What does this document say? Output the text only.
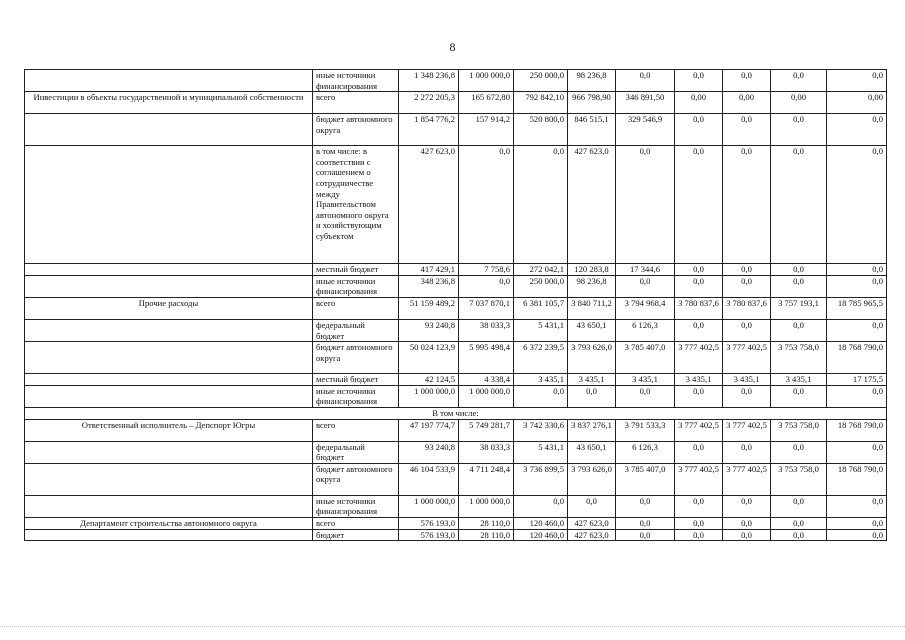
8
	иные источники финансирования	1 348 236,8	1 000 000,0	250 000,0	98 236,8	0,0	0,0	0,0	0,0	0,0
Инвестиции в объекты государственной и муниципальной собственности	всего	2 272 205,3	165 672,80	792 842,10	966 798,90	346 891,50	0,00	0,00	0,00	0,00
	бюджет автономного округа	1 854 776,2	157 914,2	520 800,0	846 515,1	329 546,9	0,0	0,0	0,0	0,0
	в том числе: в соответствии с соглашением о сотрудничестве между Правительством автономного округа и хозяйствующим субъектом	427 623,0	0,0	0,0	427 623,0	0,0	0,0	0,0	0,0	0,0
	местный бюджет	417 429,1	7 758,6	272 042,1	120 283,8	17 344,6	0,0	0,0	0,0	0,0
	иные источники финансирования	348 236,8	0,0	250 000,0	98 236,8	0,0	0,0	0,0	0,0	0,0
Прочие расходы	всего	51 159 489,2	7 037 870,1	6 381 105,7	3 840 711,2	3 794 968,4	3 780 837,6	3 780 837,6	3 757 193,1	18 785 965,5
	федеральный бюджет	93 240,8	38 033,3	5 431,1	43 650,1	6 126,3	0,0	0,0	0,0	0,0
	бюджет автономного округа	50 024 123,9	5 995 498,4	6 372 239,5	3 793 626,0	3 785 407,0	3 777 402,5	3 777 402,5	3 753 758,0	18 768 790,0
	местный бюджет	42 124,5	4 338,4	3 435,1	3 435,1	3 435,1	3 435,1	3 435,1	3 435,1	17 175,5
	иные источники финансирования	1 000 000,0	1 000 000,0	0,0	0,0	0,0	0,0	0,0	0,0	0,0
В том числе:										
Ответственный исполнитель – Депспорт Югры	всего	47 197 774,7	5 749 281,7	3 742 330,6	3 837 276,1	3 791 533,3	3 777 402,5	3 777 402,5	3 753 758,0	18 768 790,0
	федеральный бюджет	93 240,8	38 033,3	5 431,1	43 650,1	6 126,3	0,0	0,0	0,0	0,0
	бюджет автономного округа	46 104 533,9	4 711 248,4	3 736 899,5	3 793 626,0	3 785 407,0	3 777 402,5	3 777 402,5	3 753 758,0	18 768 790,0
	иные источники финансирования	1 000 000,0	1 000 000,0	0,0	0,0	0,0	0,0	0,0	0,0	0,0
Департамент строительства автономного округа	всего	576 193,0	28 110,0	120 460,0	427 623,0	0,0	0,0	0,0	0,0	0,0
	бюджет	576 193,0	28 110,0	120 460,0	427 623,0	0,0	0,0	0,0	0,0	0,0
